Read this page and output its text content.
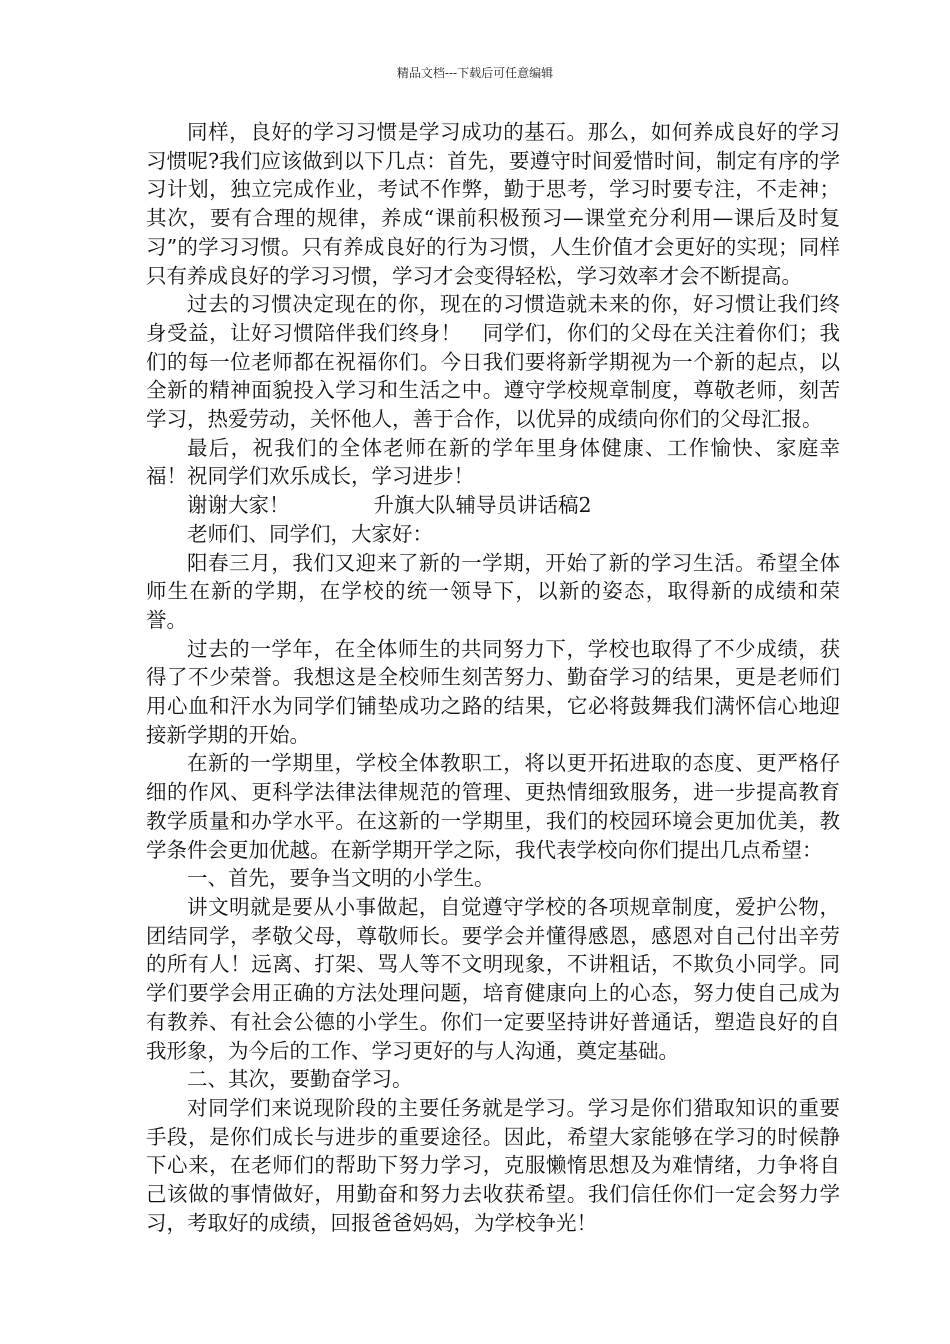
精品文档---下载后可任意编辑

同样，良好的学习习惯是学习成功的基石。那么，如何养成良好的学习习惯呢?我们应该做到以下几点：首先，要遵守时间爱惜时间，制定有序的学习计划，独立完成作业，考试不作弊，勤于思考，学习时要专注，不走神；其次，要有合理的规律，养成“课前积极预习—课堂充分利用—课后及时复习”的学习习惯。只有养成良好的行为习惯，人生价值才会更好的实现；同样只有养成良好的学习习惯，学习才会变得轻松，学习效率才会不断提高。

过去的习惯决定现在的你，现在的习惯造就未来的你，好习惯让我们终身受益，让好习惯陪伴我们终身！　同学们，你们的父母在关注着你们；我们的每一位老师都在祝福你们。今日我们要将新学期视为一个新的起点，以全新的精神面貌投入学习和生活之中。遵守学校规章制度，尊敬老师，刻苦学习，热爱劳动，关怀他人，善于合作，以优异的成绩向你们的父母汇报。

最后，祝我们的全体老师在新的学年里身体健康、工作愉快、家庭幸福！祝同学们欢乐成长，学习进步！

谢谢大家！	升旗大队辅导员讲话稿2

老师们、同学们，大家好：

阳春三月，我们又迎来了新的一学期，开始了新的学习生活。希望全体师生在新的学期，在学校的统一领导下，以新的姿态，取得新的成绩和荣誉。

过去的一学年，在全体师生的共同努力下，学校也取得了不少成绩，获得了不少荣誉。我想这是全校师生刻苦努力、勤奋学习的结果，更是老师们用心血和汗水为同学们铺垫成功之路的结果，它必将鼓舞我们满怀信心地迎接新学期的开始。

在新的一学期里，学校全体教职工，将以更开拓进取的态度、更严格仔细的作风、更科学法律法律规范的管理、更热情细致服务，进一步提高教育教学质量和办学水平。在这新的一学期里，我们的校园环境会更加优美，教学条件会更加优越。在新学期开学之际，我代表学校向你们提出几点希望：

一、首先，要争当文明的小学生。

讲文明就是要从小事做起，自觉遵守学校的各项规章制度，爱护公物，团结同学，孝敬父母，尊敬师长。要学会并懂得感恩，感恩对自己付出辛劳的所有人！远离、打架、骂人等不文明现象，不讲粗话，不欺负小同学。同学们要学会用正确的方法处理问题，培育健康向上的心态，努力使自己成为有教养、有社会公德的小学生。你们一定要坚持讲好普通话，塑造良好的自我形象，为今后的工作、学习更好的与人沟通，奠定基础。

二、其次，要勤奋学习。

对同学们来说现阶段的主要任务就是学习。学习是你们猎取知识的重要手段，是你们成长与进步的重要途径。因此，希望大家能够在学习的时候静下心来，在老师们的帮助下努力学习，克服懒惰思想及为难情绪，力争将自己该做的事情做好，用勤奋和努力去收获希望。我们信任你们一定会努力学习，考取好的成绩，回报爸爸妈妈，为学校争光！
